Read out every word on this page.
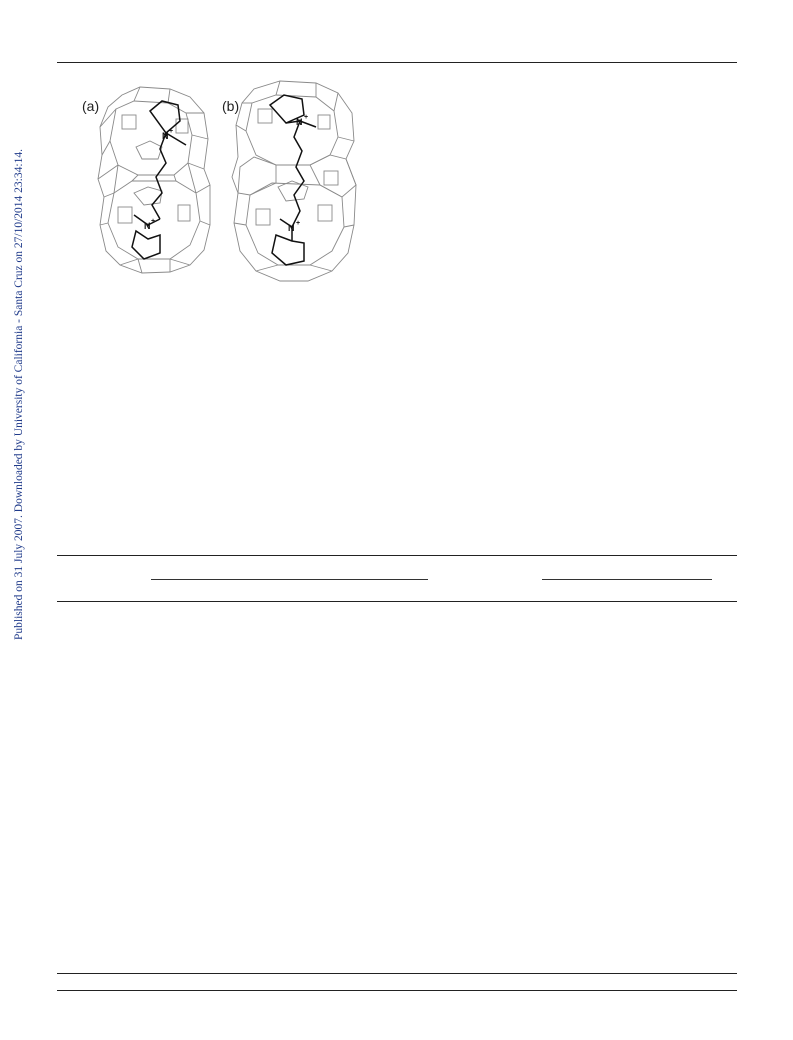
Published on 31 July 2007. Downloaded by University of California - Santa Cruz on 27/10/2014 23:34:14.
(a)	(b)
N +
N +
N +
N +
